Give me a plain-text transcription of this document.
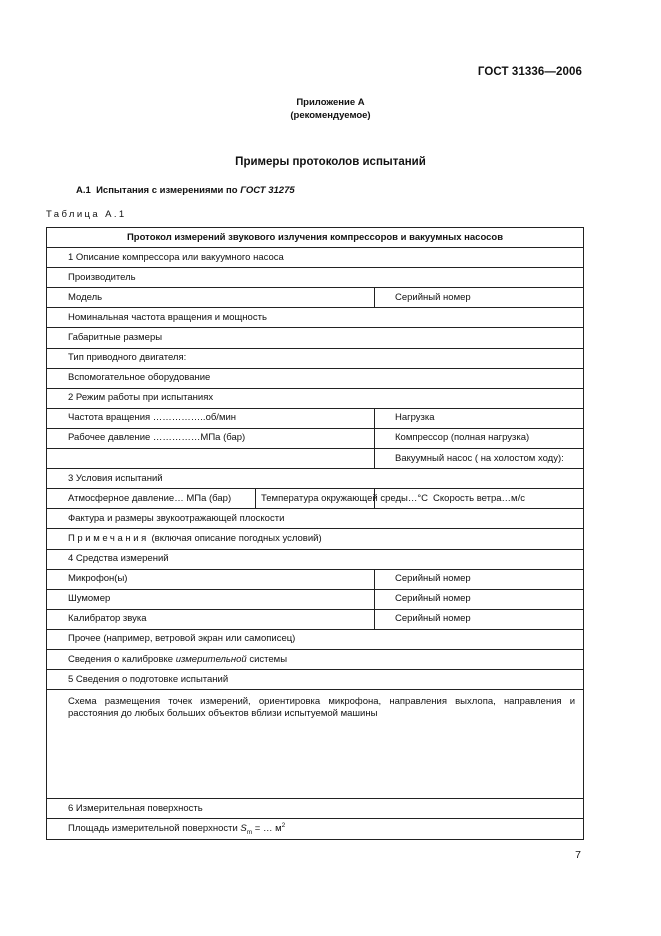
ГОСТ 31336—2006
Приложение А
(рекомендуемое)
Примеры протоколов испытаний
А.1 Испытания с измерениями по ГОСТ 31275
Таблица А.1
Протокол измерений звукового излучения компрессоров и вакуумных насосов		
1 Описание компрессора или вакуумного насоса		
Производитель		
Модель		Серийный номер
Номинальная частота вращения и мощность		
Габаритные размеры		
Тип приводного двигателя:		
Вспомогательное оборудование		
2 Режим работы при испытаниях		
Частота вращения ……………..об/мин		Нагрузка
Рабочее давление ……………МПа (бар)		Компрессор (полная нагрузка)
		Вакуумный насос ( на холостом ходу):
3 Условия испытаний		
Атмосферное давление… МПа (бар)	Температура окружающей среды…°С	Скорость ветра…м/с
Фактура и размеры звукоотражающей плоскости		
Примечания (включая описание погодных условий)		
4 Средства измерений		
Микрофон(ы)		Серийный номер
Шумомер		Серийный номер
Калибратор звука		Серийный номер
Прочее (например, ветровой экран или самописец)		
Сведения о калибровке измерительной системы		
5 Сведения о подготовке испытаний		
Схема размещения точек измерений, ориентировка микрофона, направления выхлопа, направления и расстояния до любых больших объектов вблизи испытуемой машины		
6 Измерительная поверхность		
Площадь измерительной поверхности $S_m$ = … $м^2$
7
